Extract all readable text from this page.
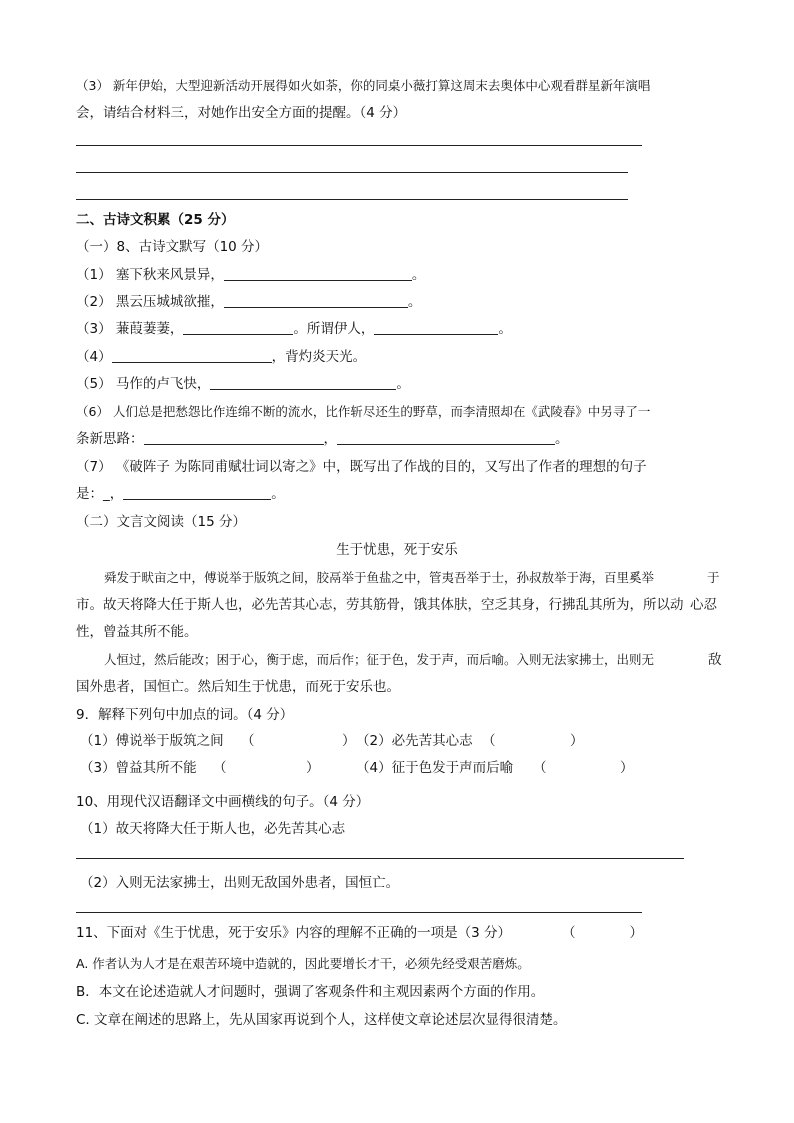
（3） 新年伊始，大型迎新活动开展得如火如荼，你的同桌小薇打算这周末去奥体中心观看群星新年演唱
会，请结合材料三，对她作出安全方面的提醒。（4 分）
二、古诗文积累（25 分）
（一）8、古诗文默写（10 分）
（1） 塞下秋来风景异，	。
（2） 黑云压城城欲摧，	。
（3） 蒹葭萋萋，	。所谓伊人，	。
（4）	，背灼炎天光。
（5） 马作的卢飞快，	。
（6） 人们总是把愁怨比作连绵不断的流水，比作斩尽还生的野草，而李清照却在《武陵春》中另寻了一
条新思路：	，	。
（7） 《破阵子 为陈同甫赋壮词以寄之》中，既写出了作战的目的，又写出了作者的理想的句子
是：_，	。
（二）文言文阅读（15 分）
生于忧患，死于安乐
舜发于畎亩之中，傅说举于版筑之间，胶鬲举于鱼盐之中，管夷吾举于士，孙叔敖举于海，百里奚举	于
市。故天将降大任于斯人也，必先苦其心志，劳其筋骨，饿其体肤，空乏其身，行拂乱其所为，所以动 心忍
性，曾益其所不能。
人恒过，然后能改；困于心，衡于虑，而后作；征于色，发于声，而后喻。入则无法家拂士，出则无	敌
国外患者，国恒亡。然后知生于忧患，而死于安乐也。
9．解释下列句中加点的词。（4 分）
（1）傅说举于版筑之间 （	） （2）必先苦其心志 （	）
（3）曾益其所不能 （	）	（4）征于色发于声而后喻 （	）
10、用现代汉语翻译文中画横线的句子。（4 分）
（1）故天将降大任于斯人也，必先苦其心志
（2）入则无法家拂士，出则无敌国外患者，国恒亡。
11、下面对《生于忧患，死于安乐》内容的理解不正确的一项是（3 分）	（　　　　）
A. 作者认为人才是在艰苦环境中造就的，因此要增长才干，必须先经受艰苦磨炼。
B．本文在论述造就人才问题时，强调了客观条件和主观因素两个方面的作用。
C. 文章在阐述的思路上，先从国家再说到个人，这样使文章论述层次显得很清楚。
